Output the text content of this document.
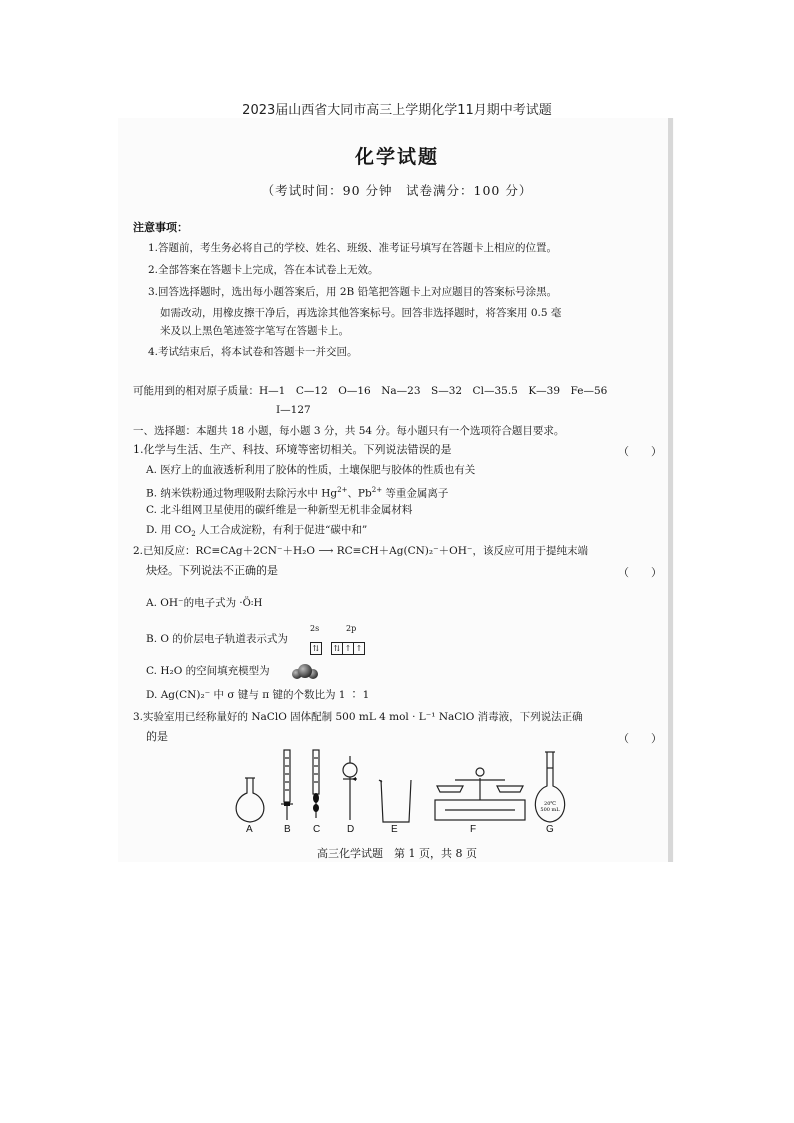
2023届山西省大同市高三上学期化学11月期中考试题
化学试题
（考试时间：90 分钟　试卷满分：100 分）
注意事项：
1.答题前，考生务必将自己的学校、姓名、班级、准考证号填写在答题卡上相应的位置。
2.全部答案在答题卡上完成，答在本试卷上无效。
3.回答选择题时，选出每小题答案后，用 2B 铅笔把答题卡上对应题目的答案标号涂黑。
如需改动，用橡皮擦干净后，再选涂其他答案标号。回答非选择题时，将答案用 0.5 毫
米及以上黑色笔迹签字笔写在答题卡上。
4.考试结束后，将本试卷和答题卡一并交回。
可能用到的相对原子质量：H—1　C—12　O—16　Na—23　S—32　Cl—35.5　K—39　Fe—56
I—127
一、选择题：本题共 18 小题，每小题 3 分，共 54 分。每小题只有一个选项符合题目要求。
1.化学与生活、生产、科技、环境等密切相关。下列说法错误的是	（　　）
A. 医疗上的血液透析利用了胶体的性质，土壤保肥与胶体的性质也有关
B. 纳米铁粉通过物理吸附去除污水中 $Hg^{2+}$、$Pb^{2+}$ 等重金属离子
C. 北斗组网卫星使用的碳纤维是一种新型无机非金属材料
D. 用 $CO_2$ 人工合成淀粉，有利于促进“碳中和”
2.已知反应：RC≡CAg＋2CN⁻＋H₂O ⟶ RC≡CH＋Ag(CN)₂⁻＋OH⁻，该反应可用于提纯末端
炔烃。下列说法不正确的是	（　　）
A. OH⁻的电子式为 ·Ö꞉H
B. O 的价层电子轨道表示式为
2s	2p
⇅	⇅ ↑ ↑
C. H₂O 的空间填充模型为
D. Ag(CN)₂⁻ 中 σ 键与 π 键的个数比为 1 ∶ 1
3.实验室用已经称量好的 NaClO 固体配制 500 mL 4 mol · L⁻¹ NaClO 消毒液，下列说法正确
的是	（　　）
20℃
500 mL
A	B C	D	E	F	G
高三化学试题　第 1 页，共 8 页
